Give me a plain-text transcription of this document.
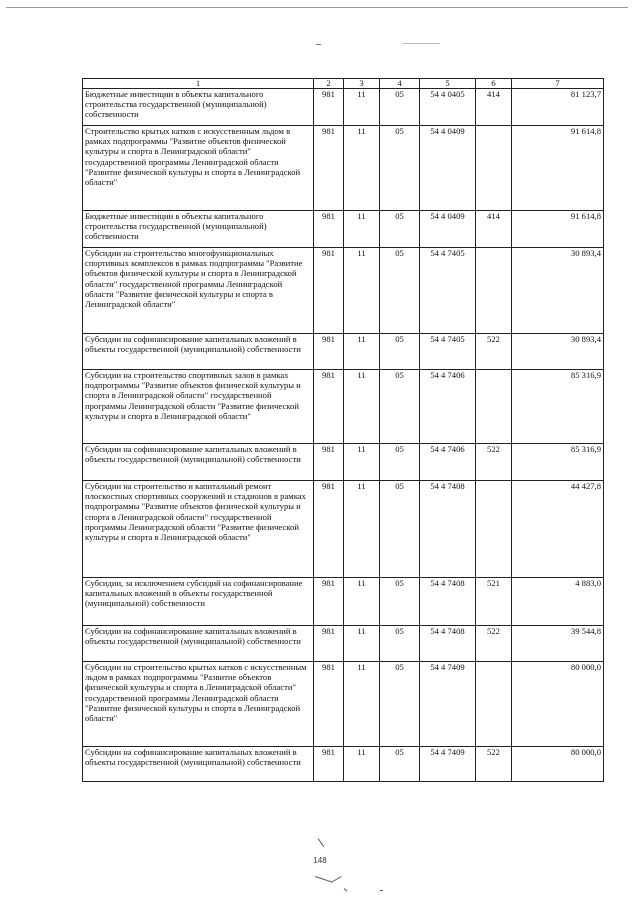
1	2	3	4	5	6	7
Бюджетные инвестиции в объекты капитального строительства государственной (муниципальной) собственности	981	11	05	54 4 0405	414	81 123,7
Строительство крытых катков с искусственным льдом в рамках подпрограммы "Развитие объектов физической культуры и спорта в Ленинградской области" государственной программы Ленинградской области "Развитие физической культуры и спорта в Ленинградской области"	981	11	05	54 4 0409		91 614,8
Бюджетные инвестиции в объекты капитального строительства государственной (муниципальной) собственности	981	11	05	54 4 0409	414	91 614,8
Субсидии на строительство многофункциональных спортивных комплексов в рамках подпрограммы "Развитие объектов физической культуры и спорта в Ленинградской области" государственной программы Ленинградской области "Развитие физической культуры и спорта в Ленинградской области"	981	11	05	54 4 7405		30 893,4
Субсидии на софинансирование капитальных вложений в объекты государственной (муниципальной) собственности	981	11	05	54 4 7405	522	30 893,4
Субсидии на строительство спортивных залов в рамках подпрограммы "Развитие объектов физической культуры и спорта в Ленинградской области" государственной программы Ленинградской области "Развитие физической культуры и спорта в Ленинградской области"	981	11	05	54 4 7406		85 316,9
Субсидии на софинансирование капитальных вложений в объекты государственной (муниципальной) собственности	981	11	05	54 4 7406	522	85 316,9
Субсидии на строительство и капитальный ремонт плоскостных спортивных сооружений и стадионов в рамках подпрограммы "Развитие объектов физической культуры и спорта в Ленинградской области" государственной программы Ленинградской области "Развитие физической культуры и спорта в Ленинградской области"	981	11	05	54 4 7408		44 427,8
Субсидии, за исключением субсидий на софинансирование капитальных вложений в объекты государственной (муниципальной) собственности	981	11	05	54 4 7408	521	4 883,0
Субсидии на софинансирование капитальных вложений в объекты государственной (муниципальной) собственности	981	11	05	54 4 7408	522	39 544,8
Субсидии на строительство крытых катков с искусственным льдом в рамках подпрограммы "Развитие объектов физической культуры и спорта в Ленинградской области" государственной программы Ленинградской области "Развитие физической культуры и спорта в Ленинградской области"	981	11	05	54 4 7409		80 000,0
Субсидии на софинансирование капитальных вложений в объекты государственной (муниципальной) собственности	981	11	05	54 4 7409	522	80 000,0
148
